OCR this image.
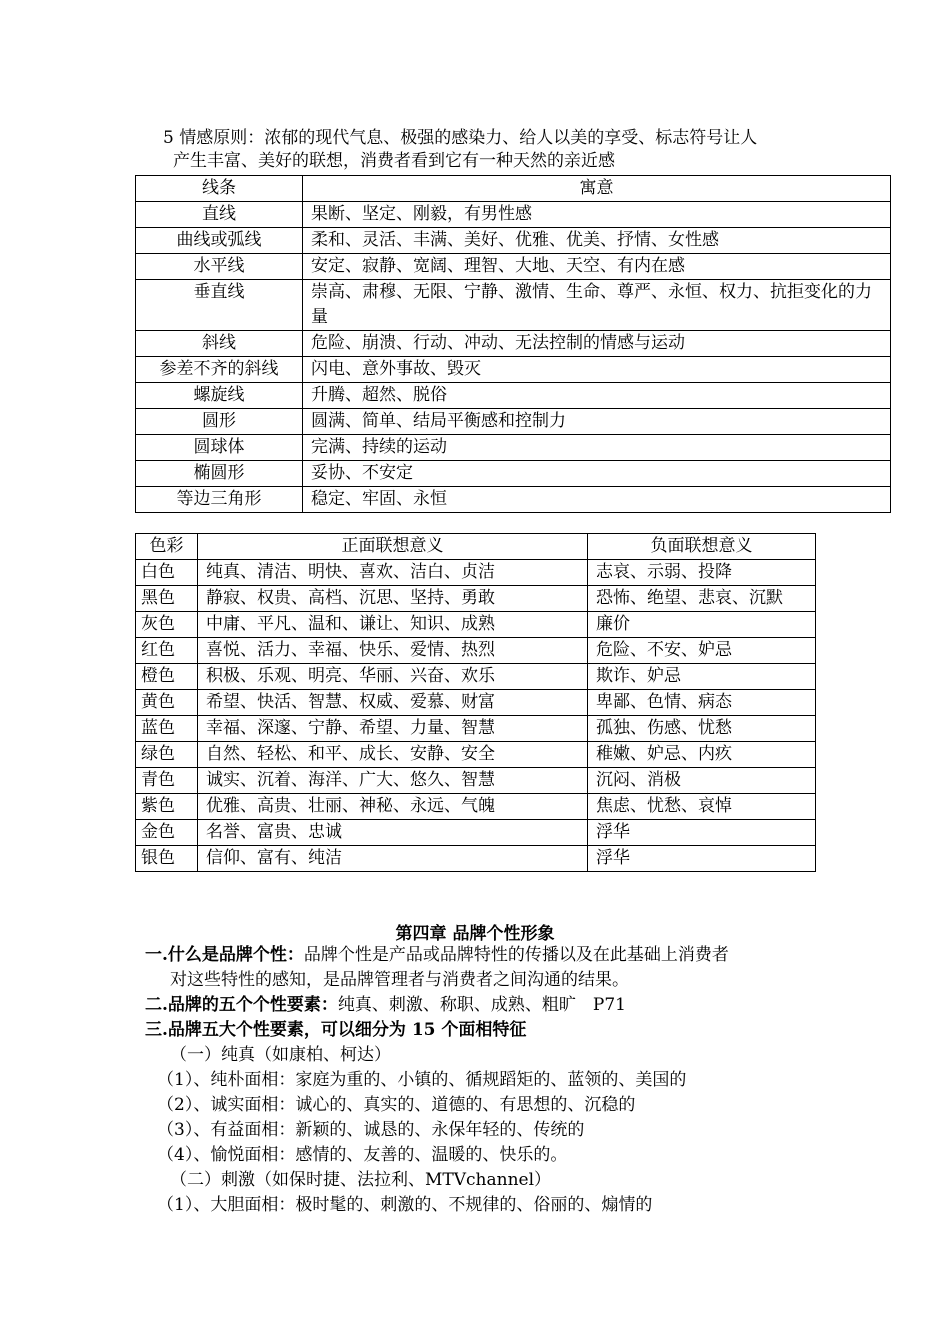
5 情感原则：浓郁的现代气息、极强的感染力、给人以美的享受、标志符号让人
产生丰富、美好的联想，消费者看到它有一种天然的亲近感
线条	寓意
直线	果断、坚定、刚毅，有男性感
曲线或弧线	柔和、灵活、丰满、美好、优雅、优美、抒情、女性感
水平线	安定、寂静、宽阔、理智、大地、天空、有内在感
垂直线	崇高、肃穆、无限、宁静、激情、生命、尊严、永恒、权力、抗拒变化的力量
斜线	危险、崩溃、行动、冲动、无法控制的情感与运动
参差不齐的斜线	闪电、意外事故、毁灭
螺旋线	升腾、超然、脱俗
圆形	圆满、简单、结局平衡感和控制力
圆球体	完满、持续的运动
椭圆形	妥协、不安定
等边三角形	稳定、牢固、永恒
色彩	正面联想意义	负面联想意义
白色	纯真、清洁、明快、喜欢、洁白、贞洁	志哀、示弱、投降
黑色	静寂、权贵、高档、沉思、坚持、勇敢	恐怖、绝望、悲哀、沉默
灰色	中庸、平凡、温和、谦让、知识、成熟	廉价
红色	喜悦、活力、幸福、快乐、爱情、热烈	危险、不安、妒忌
橙色	积极、乐观、明亮、华丽、兴奋、欢乐	欺诈、妒忌
黄色	希望、快活、智慧、权威、爱慕、财富	卑鄙、色情、病态
蓝色	幸福、深邃、宁静、希望、力量、智慧	孤独、伤感、忧愁
绿色	自然、轻松、和平、成长、安静、安全	稚嫩、妒忌、内疚
青色	诚实、沉着、海洋、广大、悠久、智慧	沉闷、消极
紫色	优雅、高贵、壮丽、神秘、永远、气魄	焦虑、忧愁、哀悼
金色	名誉、富贵、忠诚	浮华
银色	信仰、富有、纯洁	浮华
第四章 品牌个性形象
一.什么是品牌个性：品牌个性是产品或品牌特性的传播以及在此基础上消费者
对这些特性的感知，是品牌管理者与消费者之间沟通的结果。
二.品牌的五个个性要素：纯真、刺激、称职、成熟、粗旷　P71
三.品牌五大个性要素，可以细分为 15 个面相特征
（一）纯真（如康柏、柯达）
（1）、纯朴面相：家庭为重的、小镇的、循规蹈矩的、蓝领的、美国的
（2）、诚实面相：诚心的、真实的、道德的、有思想的、沉稳的
（3）、有益面相：新颖的、诚恳的、永保年轻的、传统的
（4）、愉悦面相：感情的、友善的、温暖的、快乐的。
（二）刺激（如保时捷、法拉利、MTVchannel）
（1）、大胆面相：极时髦的、刺激的、不规律的、俗丽的、煽情的
